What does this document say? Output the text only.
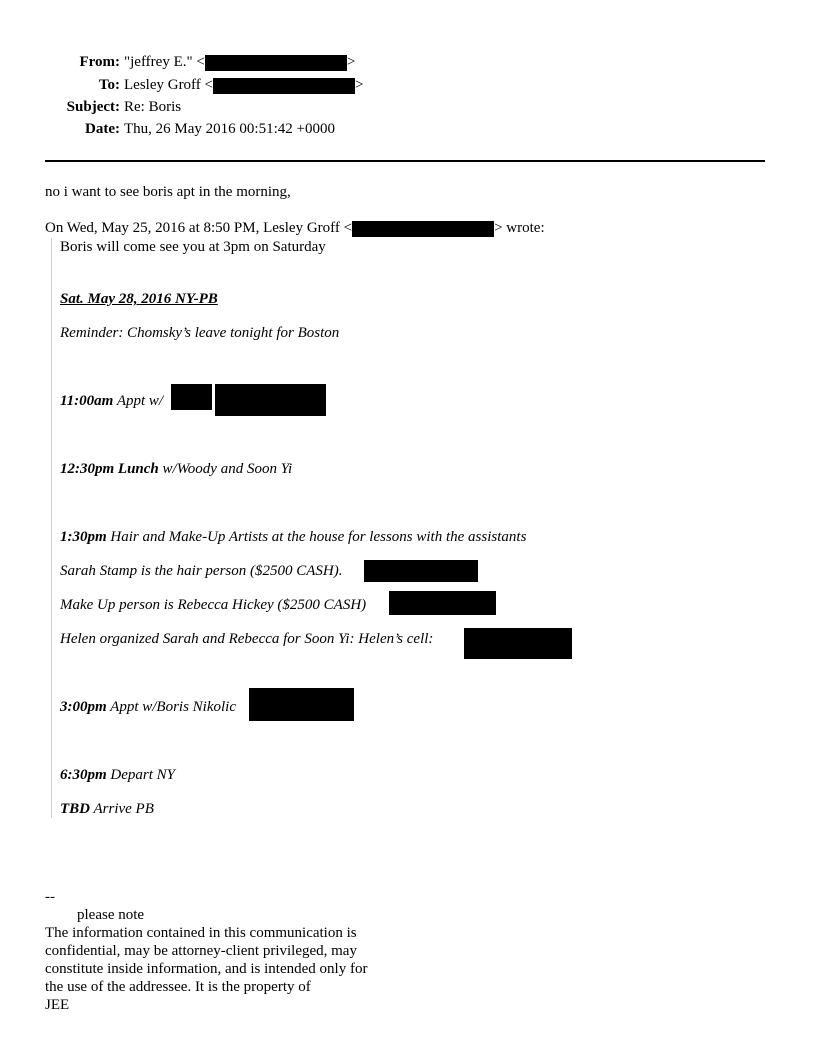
From: "jeffrey E." <	>
To: Lesley Groff <	>
Subject: Re: Boris
Date: Thu, 26 May 2016 00:51:42 +0000
no i want to see boris apt in the morning,
On Wed, May 25, 2016 at 8:50 PM, Lesley Groff <	> wrote:
Boris will come see you at 3pm on Saturday
Sat. May 28, 2016 NY-PB
Reminder: Chomsky’s leave tonight for Boston
11:00am Appt w/
12:30pm Lunch w/Woody and Soon Yi
1:30pm Hair and Make-Up Artists at the house for lessons with the assistants
Sarah Stamp is the hair person ($2500 CASH).
Make Up person is Rebecca Hickey ($2500 CASH)
Helen organized Sarah and Rebecca for Soon Yi: Helen’s cell:
3:00pm Appt w/Boris Nikolic
6:30pm Depart NY
TBD Arrive PB
--
please note
The information contained in this communication is
confidential, may be attorney-client privileged, may
constitute inside information, and is intended only for
the use of the addressee. It is the property of
JEE
